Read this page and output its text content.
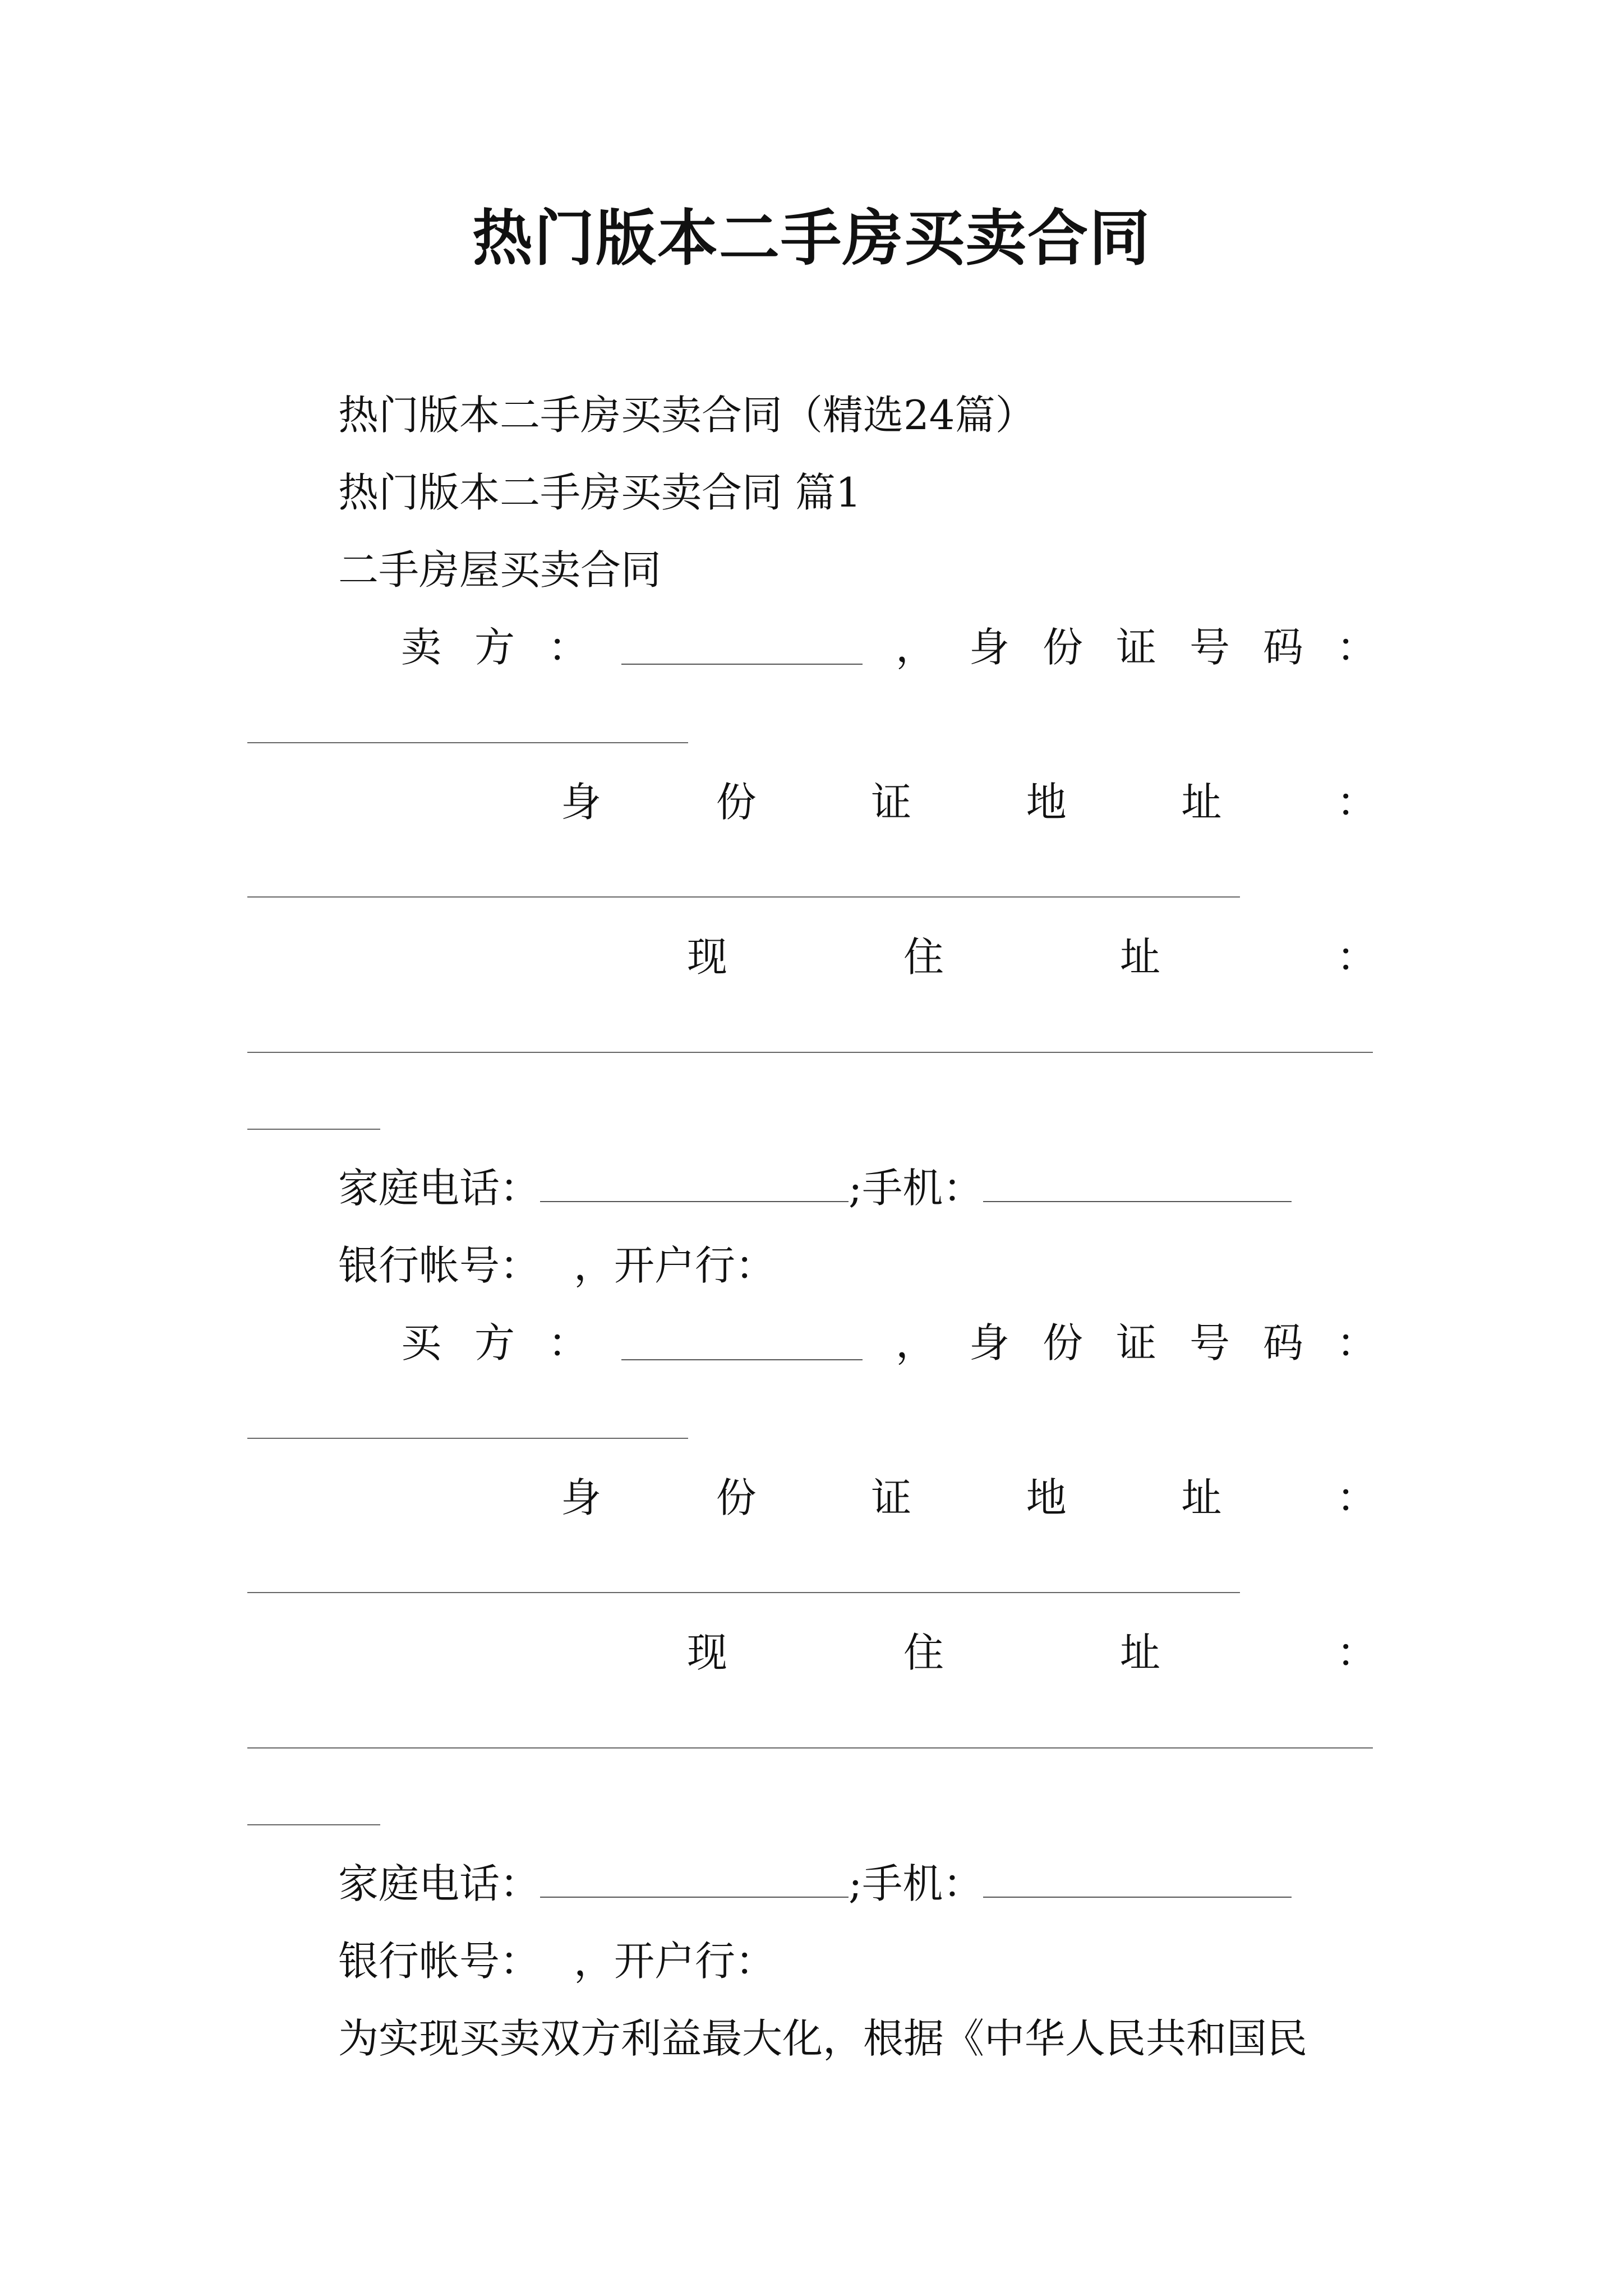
热门版本二手房买卖合同
热门版本二手房买卖合同（精选24篇）
热门版本二手房买卖合同 篇1
二手房屋买卖合同
卖 方 ：	， 身 份 证 号 码 ：
身	份	证	地	址	：
现	住	址	：
家庭电话：	;手机：
银行帐号： ，开户行：
买 方 ：	， 身 份 证 号 码 ：
身	份	证	地	址	：
现	住	址	：
家庭电话：	;手机：
银行帐号： ，开户行：
为实现买卖双方利益最大化，根据《中华人民共和国民
